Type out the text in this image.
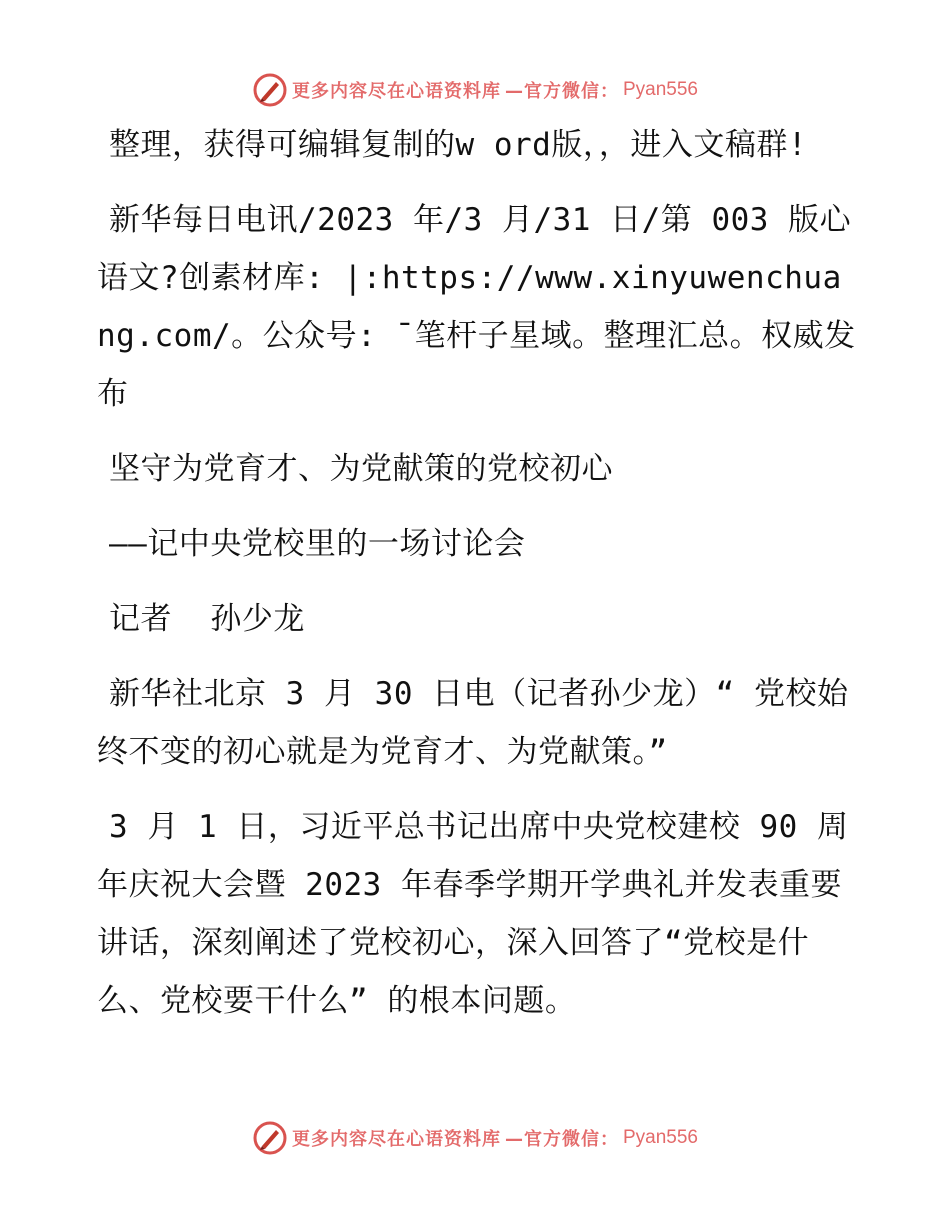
更多内容尽在心语资料库 —官方微信： Pyan556

整理，获得可编辑复制的w ord版，，进入文稿群!

新华每日电讯/2023 年/3 月/31 日/第 003 版心语文?创素材库: |:https://www.xinyuwenchuang.com/。公众号: ¯笔杆子星域。整理汇总。权威发布

坚守为党育才、为党献策的党校初心

——记中央党校里的一场讨论会

记者  孙少龙

新华社北京 3 月 30 日电（记者孙少龙）“ 党校始终不变的初心就是为党育才、为党献策。”

3 月 1 日，习近平总书记出席中央党校建校 90 周年庆祝大会暨 2023 年春季学期开学典礼并发表重要讲话，深刻阐述了党校初心，深入回答了“党校是什么、党校要干什么” 的根本问题。

更多内容尽在心语资料库 —官方微信： Pyan556
